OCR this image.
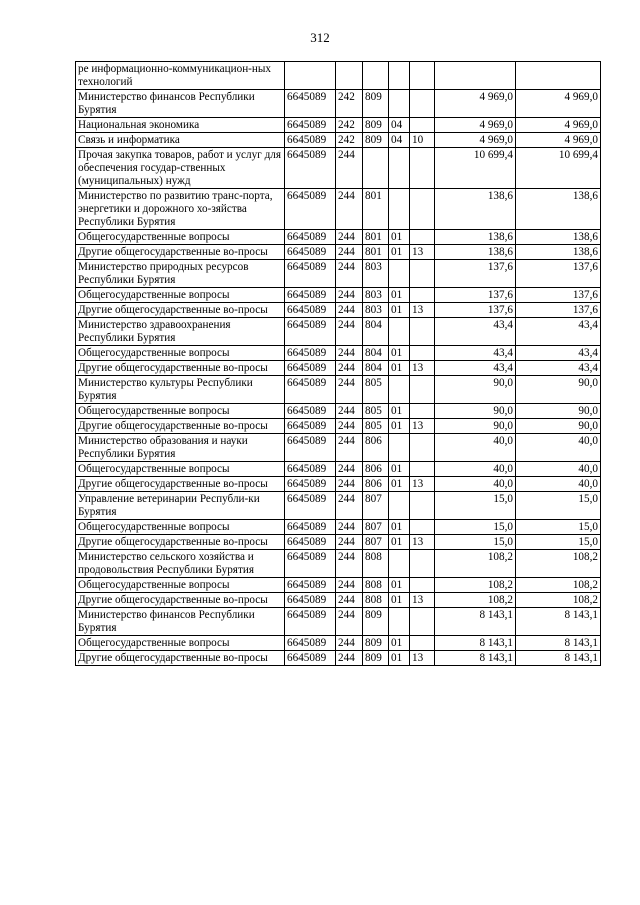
312
ре информационно-коммуникацион-ных технологий							
Министерство финансов Республики Бурятия	6645089	242	809			4 969,0	4 969,0
Национальная экономика	6645089	242	809	04		4 969,0	4 969,0
Связь и информатика	6645089	242	809	04	10	4 969,0	4 969,0
Прочая закупка товаров, работ и услуг для обеспечения государ-ственных (муниципальных) нужд	6645089	244				10 699,4	10 699,4
Министерство по развитию транс-порта, энергетики и дорожного хо-зяйства Республики Бурятия	6645089	244	801			138,6	138,6
Общегосударственные вопросы	6645089	244	801	01		138,6	138,6
Другие общегосударственные во-просы	6645089	244	801	01	13	138,6	138,6
Министерство природных ресурсов Республики Бурятия	6645089	244	803			137,6	137,6
Общегосударственные вопросы	6645089	244	803	01		137,6	137,6
Другие общегосударственные во-просы	6645089	244	803	01	13	137,6	137,6
Министерство здравоохранения Республики Бурятия	6645089	244	804			43,4	43,4
Общегосударственные вопросы	6645089	244	804	01		43,4	43,4
Другие общегосударственные во-просы	6645089	244	804	01	13	43,4	43,4
Министерство культуры Республики Бурятия	6645089	244	805			90,0	90,0
Общегосударственные вопросы	6645089	244	805	01		90,0	90,0
Другие общегосударственные во-просы	6645089	244	805	01	13	90,0	90,0
Министерство образования и науки Республики Бурятия	6645089	244	806			40,0	40,0
Общегосударственные вопросы	6645089	244	806	01		40,0	40,0
Другие общегосударственные во-просы	6645089	244	806	01	13	40,0	40,0
Управление ветеринарии Республи-ки Бурятия	6645089	244	807			15,0	15,0
Общегосударственные вопросы	6645089	244	807	01		15,0	15,0
Другие общегосударственные во-просы	6645089	244	807	01	13	15,0	15,0
Министерство сельского хозяйства и продовольствия Республики Бурятия	6645089	244	808			108,2	108,2
Общегосударственные вопросы	6645089	244	808	01		108,2	108,2
Другие общегосударственные во-просы	6645089	244	808	01	13	108,2	108,2
Министерство финансов Республики Бурятия	6645089	244	809			8 143,1	8 143,1
Общегосударственные вопросы	6645089	244	809	01		8 143,1	8 143,1
Другие общегосударственные во-просы	6645089	244	809	01	13	8 143,1	8 143,1
